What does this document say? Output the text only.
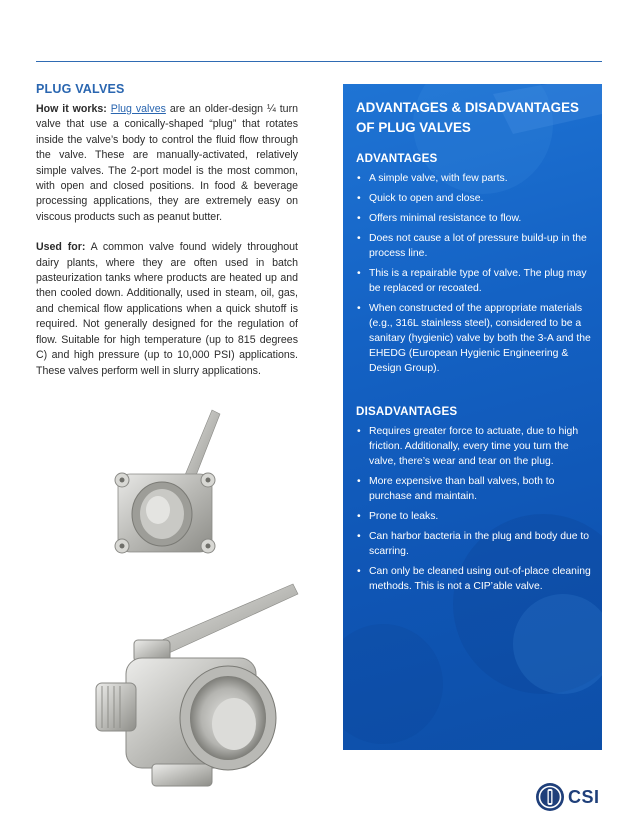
PLUG VALVES

How it works: Plug valves are an older-design ¼ turn valve that use a conically-shaped “plug” that rotates inside the valve’s body to control the fluid flow through the valve. These are manually-activated, relatively simple valves. The 2-port model is the most common, with open and closed positions. In food & beverage processing applications, they are extremely easy on viscous products such as peanut butter.

Used for: A common valve found widely throughout dairy plants, where they are often used in batch pasteurization tanks where products are heated up and then cooled down. Additionally, used in steam, oil, gas, and chemical flow applications when a quick shutoff is required. Not generally designed for the regulation of flow. Suitable for high temperature (up to 815 degrees C) and high pressure (up to 10,000 PSI) applications. These valves perform well in slurry applications.

ADVANTAGES & DISADVANTAGES OF PLUG VALVES
ADVANTAGES
• A simple valve, with few parts.
• Quick to open and close.
• Offers minimal resistance to flow.
• Does not cause a lot of pressure build-up in the process line.
• This is a repairable type of valve. The plug may be replaced or recoated.
• When constructed of the appropriate materials (e.g., 316L stainless steel), considered to be a sanitary (hygienic) valve by both the 3-A and the EHEDG (European Hygienic Engineering & Design Group).
DISADVANTAGES
• Requires greater force to actuate, due to high friction. Additionally, every time you turn the valve, there’s wear and tear on the plug.
• More expensive than ball valves, both to purchase and maintain.
• Prone to leaks.
• Can harbor bacteria in the plug and body due to scarring.
• Can only be cleaned using out-of-place cleaning methods. This is not a CIP’able valve.
CSI
